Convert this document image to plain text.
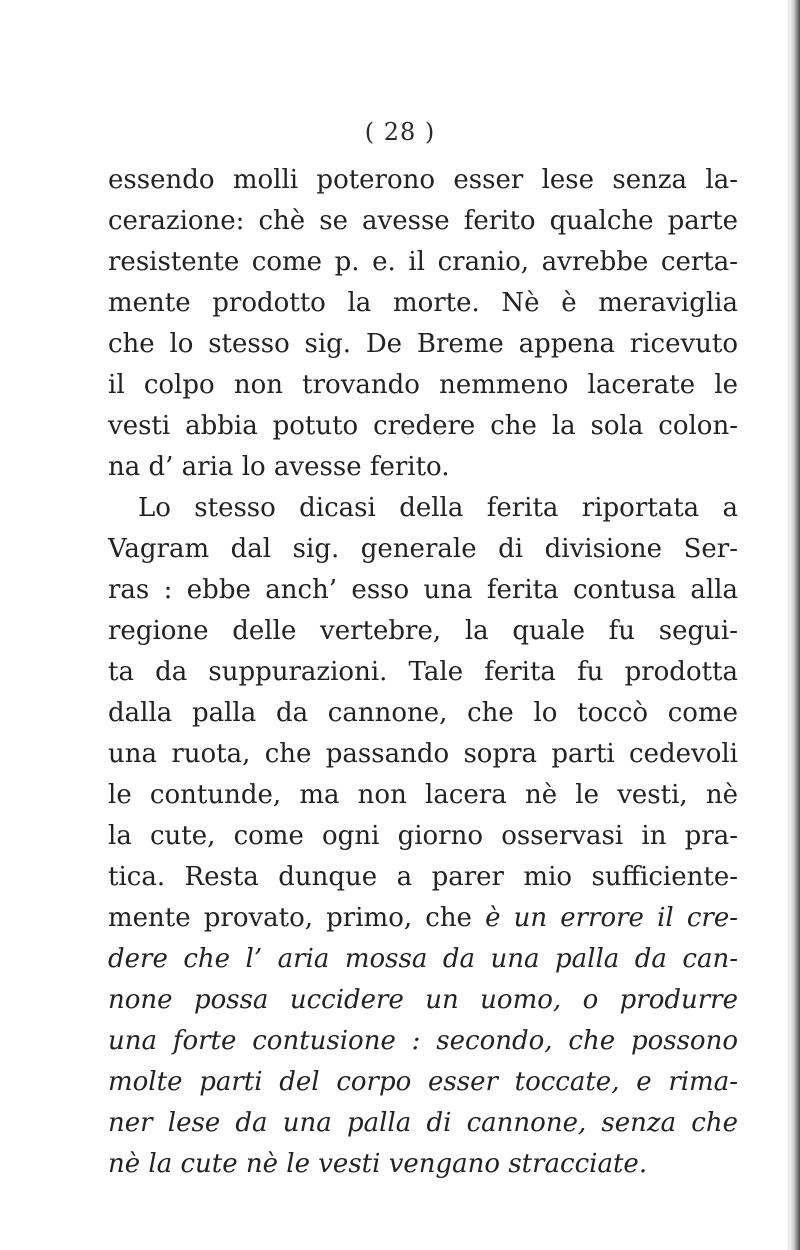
( 28 )
essendo molli poterono esser lese senza la-
cerazione: chè se avesse ferito qualche parte
resistente come p. e. il cranio, avrebbe certa-
mente prodotto la morte. Nè è meraviglia
che lo stesso sig. De Breme appena ricevuto
il colpo non trovando nemmeno lacerate le
vesti abbia potuto credere che la sola colon-
na d’ aria lo avesse ferito.
Lo stesso dicasi della ferita riportata a
Vagram dal sig. generale di divisione Ser-
ras : ebbe anch’ esso una ferita contusa alla
regione delle vertebre, la quale fu segui-
ta da suppurazioni. Tale ferita fu prodotta
dalla palla da cannone, che lo toccò come
una ruota, che passando sopra parti cedevoli
le contunde, ma non lacera nè le vesti, nè
la cute, come ogni giorno osservasi in pra-
tica. Resta dunque a parer mio sufficiente-
mente provato, primo, che è un errore il cre-
dere che l’ aria mossa da una palla da can-
none possa uccidere un uomo, o produrre
una forte contusione : secondo, che possono
molte parti del corpo esser toccate, e rima-
ner lese da una palla di cannone, senza che
nè la cute nè le vesti vengano stracciate.
